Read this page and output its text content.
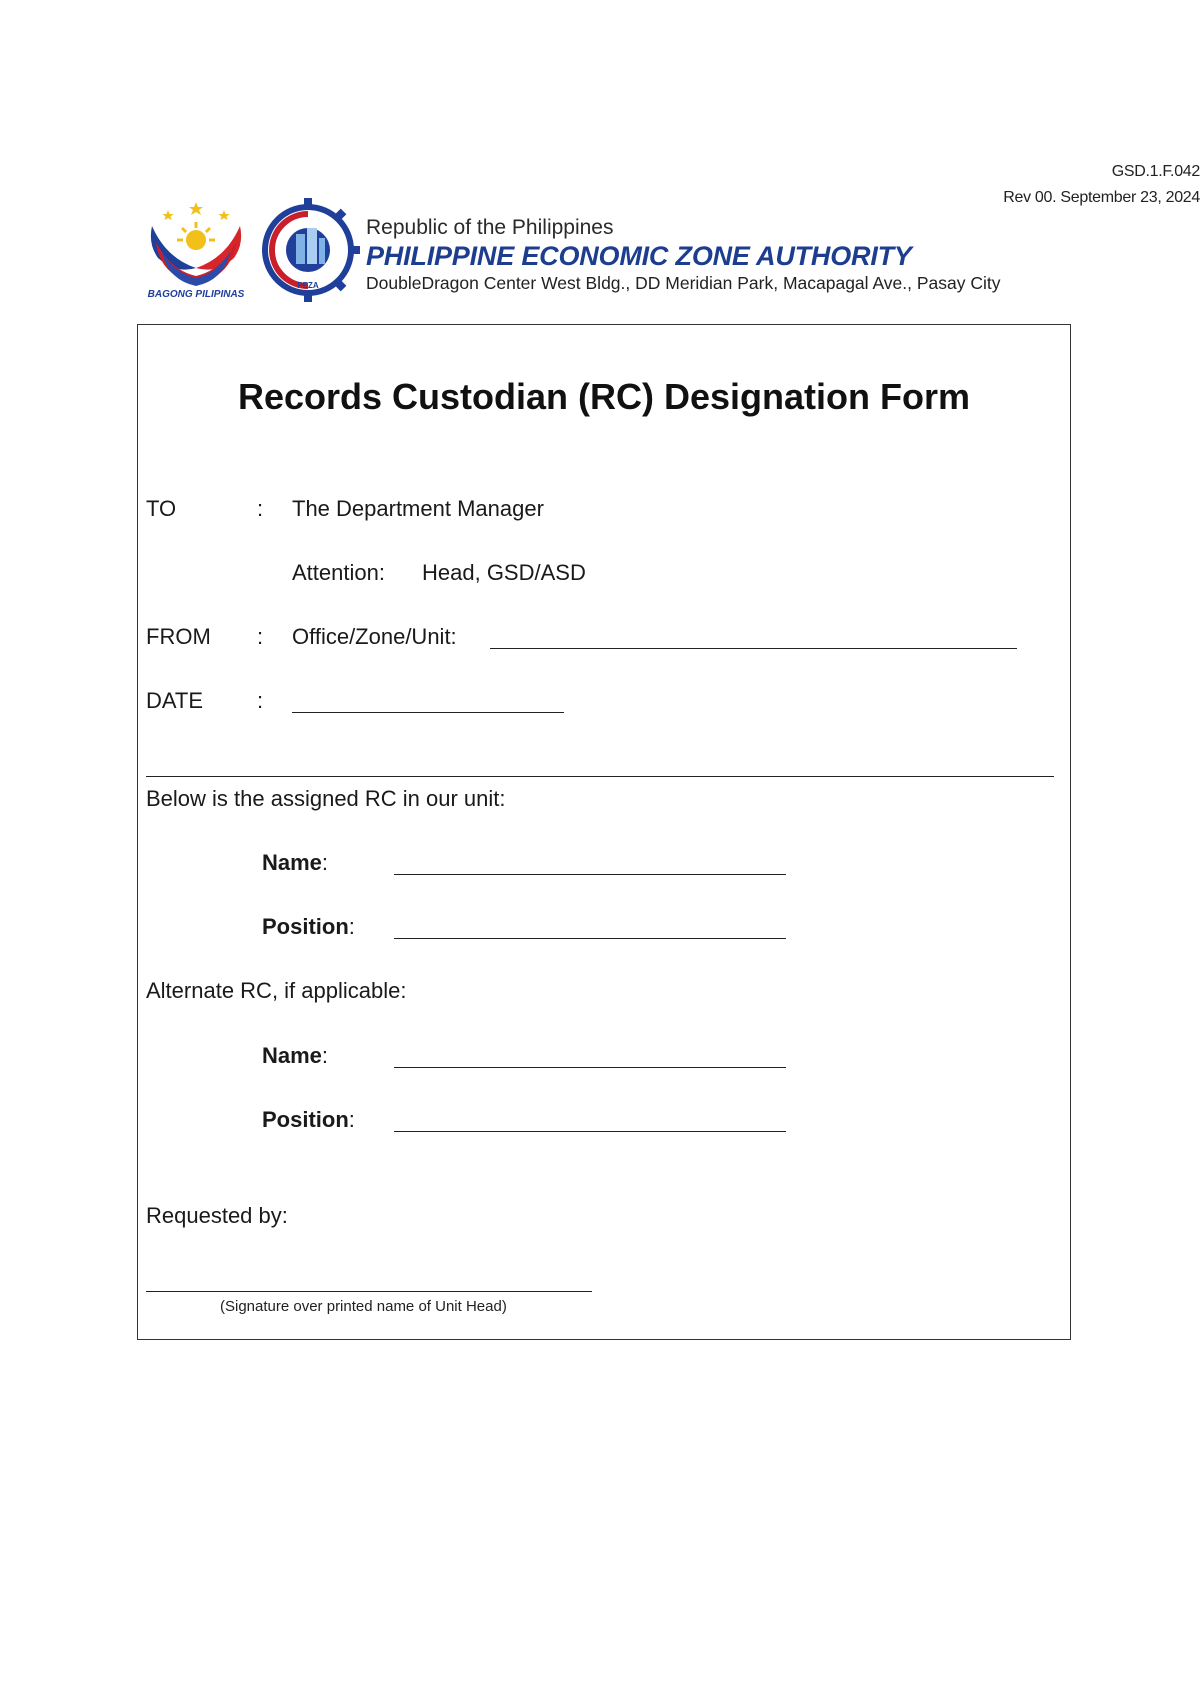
GSD.1.F.042
Rev 00. September 23, 2024
BAGONG PILIPINAS
PEZA
Republic of the Philippines
PHILIPPINE ECONOMIC ZONE AUTHORITY
DoubleDragon Center West Bldg., DD Meridian Park, Macapagal Ave., Pasay City
Records Custodian (RC) Designation Form
TO	: The Department Manager
Attention: Head, GSD/ASD
FROM : Office/Zone/Unit:
DATE :
Below is the assigned RC in our unit:
Name:
Position:
Alternate RC, if applicable:
Name:
Position:
Requested by:
(Signature over printed name of Unit Head)
